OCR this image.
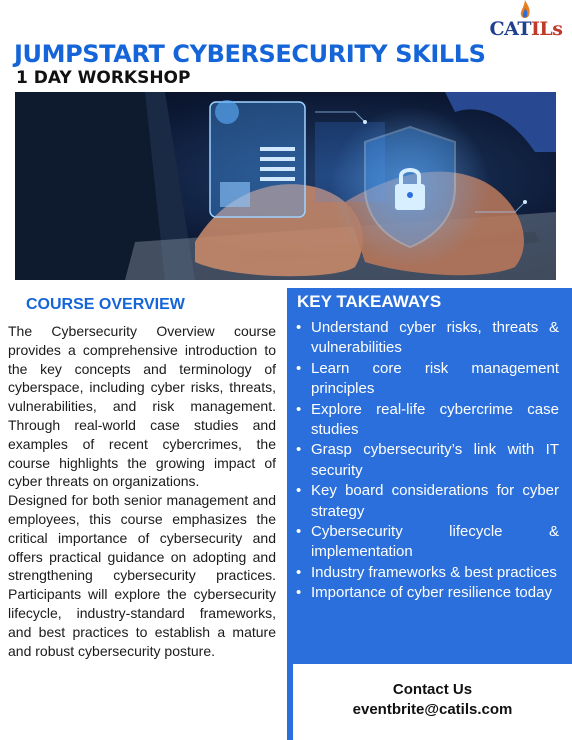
CATILs
JUMPSTART CYBERSECURITY SKILLS
1 DAY WORKSHOP
COURSE OVERVIEW

The Cybersecurity Overview course provides a comprehensive introduction to the key concepts and terminology of cyberspace, including cyber risks, threats, vulnerabilities, and risk management. Through real-world case studies and examples of recent cybercrimes, the course highlights the growing impact of cyber threats on organizations.

Designed for both senior management and employees, this course emphasizes the critical importance of cybersecurity and offers practical guidance on adopting and strengthening cybersecurity practices. Participants will explore the cybersecurity lifecycle, industry-standard frameworks, and best practices to establish a mature and robust cybersecurity posture.

KEY TAKEAWAYS
• Understand cyber risks, threats & vulnerabilities
• Learn core risk management principles
• Explore real-life cybercrime case studies
• Grasp cybersecurity’s link with IT security
• Key board considerations for cyber strategy
• Cybersecurity lifecycle & implementation
• Industry frameworks & best practices
• Importance of cyber resilience today
Contact Us
eventbrite@catils.com
